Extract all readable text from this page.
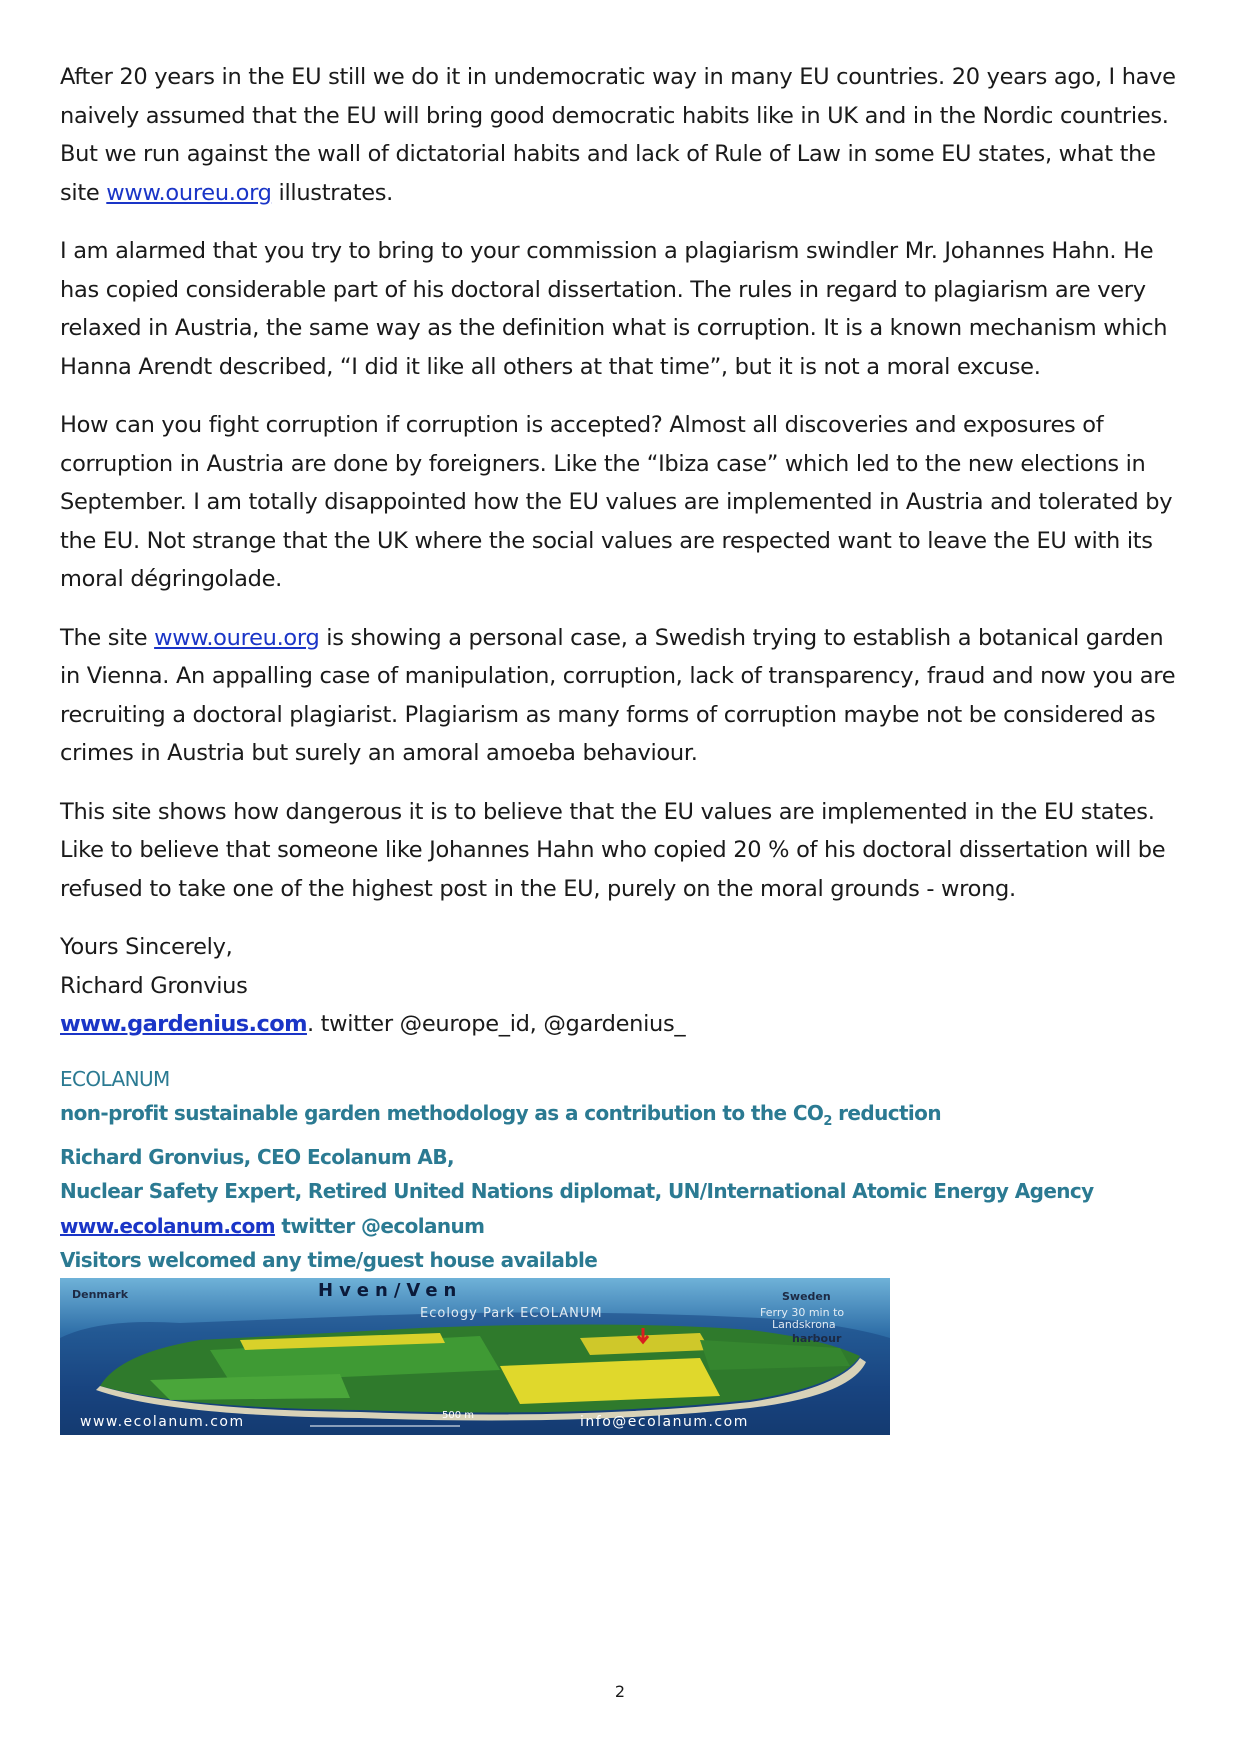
After 20 years in the EU still we do it in undemocratic way in many EU countries. 20 years ago, I have naively assumed that the EU will bring good democratic habits like in UK and in the Nordic countries. But we run against the wall of dictatorial habits and lack of Rule of Law in some EU states, what the site www.oureu.org illustrates.

I am alarmed that you try to bring to your commission a plagiarism swindler Mr. Johannes Hahn. He has copied considerable part of his doctoral dissertation. The rules in regard to plagiarism are very relaxed in Austria, the same way as the definition what is corruption. It is a known mechanism which Hanna Arendt described, “I did it like all others at that time”, but it is not a moral excuse.

How can you fight corruption if corruption is accepted? Almost all discoveries and exposures of corruption in Austria are done by foreigners. Like the “Ibiza case” which led to the new elections in September. I am totally disappointed how the EU values are implemented in Austria and tolerated by the EU. Not strange that the UK where the social values are respected want to leave the EU with its moral dégringolade.

The site www.oureu.org is showing a personal case, a Swedish trying to establish a botanical garden in Vienna. An appalling case of manipulation, corruption, lack of transparency, fraud and now you are recruiting a doctoral plagiarist. Plagiarism as many forms of corruption maybe not be considered as crimes in Austria but surely an amoral amoeba behaviour.

This site shows how dangerous it is to believe that the EU values are implemented in the EU states. Like to believe that someone like Johannes Hahn who copied 20 % of his doctoral dissertation will be refused to take one of the highest post in the EU, purely on the moral grounds - wrong.

Yours Sincerely,

Richard Gronvius

www.gardenius.com. twitter @europe_id, @gardenius_

ECOLANUM
non-profit sustainable garden methodology as a contribution to the $CO_2$ reduction
Richard Gronvius, CEO Ecolanum AB,
Nuclear Safety Expert, Retired United Nations diplomat, UN/International Atomic Energy Agency
www.ecolanum.com twitter @ecolanum
Visitors welcomed any time/guest house available
Denmark	Hven/Ven	Sweden
Ecology Park ECOLANUM	Ferry 30 min to
Landskrona
harbour
500 m
www.ecolanum.com	info@ecolanum.com
2
